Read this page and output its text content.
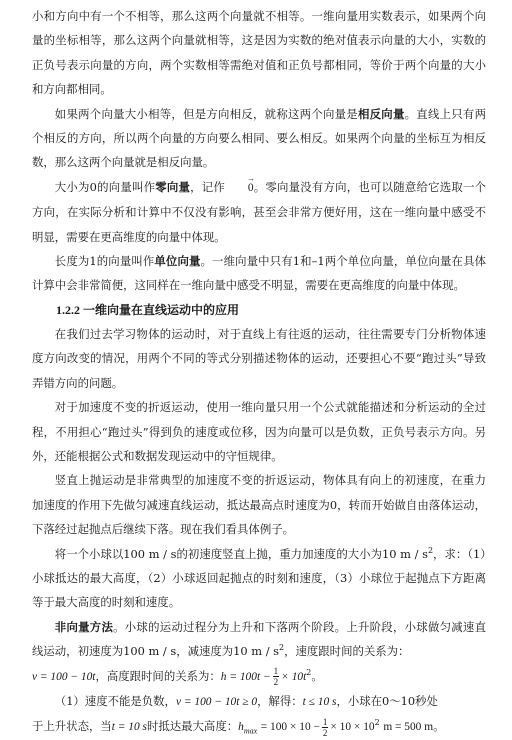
小和方向中有一个不相等，那么这两个向量就不相等。一维向量用实数表示，如果两个向量的坐标相等，那么这两个向量就相等，这是因为实数的绝对值表示向量的大小，实数的正负号表示向量的方向，两个实数相等需绝对值和正负号都相同，等价于两个向量的大小和方向都相同。

如果两个向量大小相等，但是方向相反，就称这两个向量是相反向量。直线上只有两个相反的方向，所以两个向量的方向要么相同、要么相反。如果两个向量的坐标互为相反数，那么这两个向量就是相反向量。

大小为0的向量叫作零向量，记作 0 →。零向量没有方向，也可以随意给它选取一个方向，在实际分析和计算中不仅没有影响，甚至会非常方便好用，这在一维向量中感受不明显，需要在更高维度的向量中体现。

长度为1的向量叫作单位向量。一维向量中只有1和–1两个单位向量，单位向量在具体计算中会非常简便，这同样在一维向量中感受不明显，需要在更高维度的向量中体现。

1.2.2 一维向量在直线运动中的应用

在我们过去学习物体的运动时，对于直线上有往返的运动，往往需要专门分析物体速度方向改变的情况，用两个不同的等式分别描述物体的运动，还要担心不要“跑过头”导致弄错方向的问题。

对于加速度不变的折返运动，使用一维向量只用一个公式就能描述和分析运动的全过程，不用担心“跑过头”得到负的速度或位移，因为向量可以是负数，正负号表示方向。另外，还能根据公式和数据发现运动中的守恒规律。

竖直上抛运动是非常典型的加速度不变的折返运动，物体具有向上的初速度，在重力加速度的作用下先做匀减速直线运动，抵达最高点时速度为0，转而开始做自由落体运动，下落经过起抛点后继续下落。现在我们看具体例子。

将一个小球以100 m / s的初速度竖直上抛，重力加速度的大小为10 m / $s^2$，求：（1）小球抵达的最大高度，（2）小球返回起抛点的时刻和速度，（3）小球位于起抛点下方距离等于最大高度的时刻和速度。

非向量方法。小球的运动过程分为上升和下落两个阶段。上升阶段，小球做匀减速直线运动，初速度为100 m / s，减速度为10 m / $s^2$，速度跟时间的关系为：

v = 100 − 10t，高度跟时间的关系为：$h = 100t - \frac{1}{2} \times 10t^2$。

（1）速度不能是负数，v = 100 − 10t ≥ 0，解得：t ≤ 10 s，小球在0～10秒处

于上升状态，当t = 10 s时抵达最大高度：$h_{max} = 100 \times 10 - \frac{1}{2} \times 10 \times 10^2$ m = 500 m。
